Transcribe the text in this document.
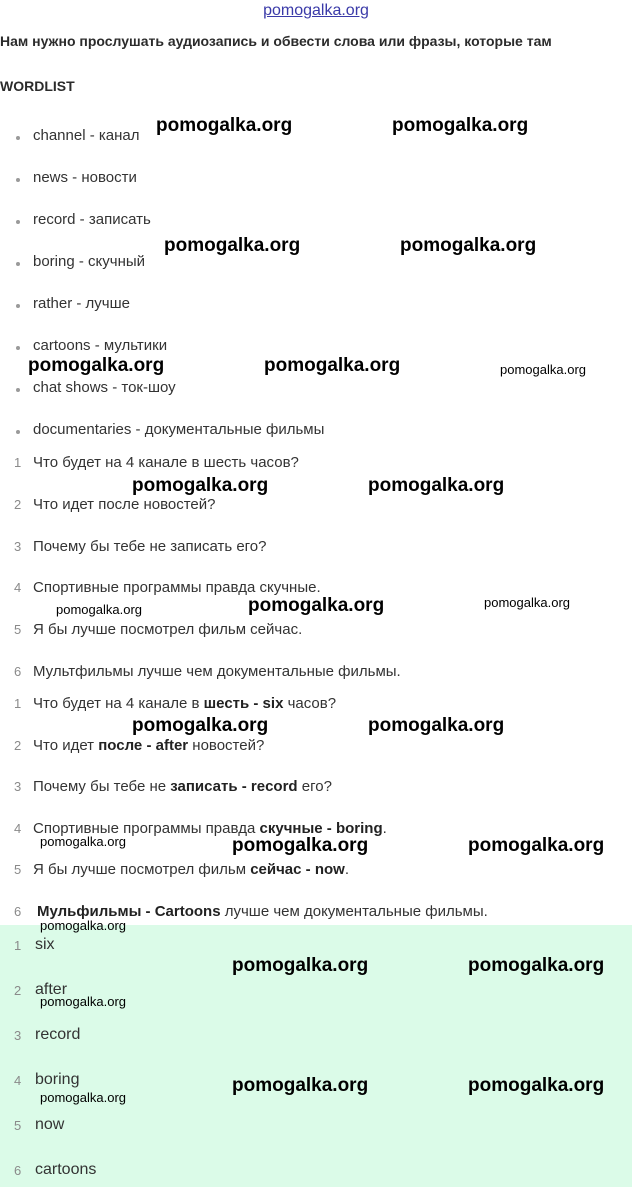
pomogalka.org
Нам нужно прослушать аудиозапись и обвести слова или фразы, которые там
WORDLIST
channel - канал
news - новости
record - записать
boring - скучный
rather - лучше
cartoons - мультики
chat shows - ток-шоу
documentaries - документальные фильмы
1 Что будет на 4 канале в шесть часов?
2 Что идет после новостей?
3 Почему бы тебе не записать его?
4 Спортивные программы правда скучные.
5 Я бы лучше посмотрел фильм сейчас.
6 Мультфильмы лучше чем документальные фильмы.
1 Что будет на 4 канале в шесть - six часов?
2 Что идет после - after новостей?
3 Почему бы тебе не записать - record его?
4 Спортивные программы правда скучные - boring.
5 Я бы лучше посмотрел фильм сейчас - now.
6 Мульфильмы - Cartoons лучше чем документальные фильмы.
1 six
2 after
3 record
4 boring
5 now
6 cartoons
pomogalka.org	pomogalka.org
pomogalka.org	pomogalka.org
pomogalka.org	pomogalka.org	pomogalka.org
pomogalka.org	pomogalka.org
pomogalka.org	pomogalka.org	pomogalka.org
pomogalka.org	pomogalka.org
pomogalka.org	pomogalka.org	pomogalka.org
pomogalka.org
pomogalka.org	pomogalka.org
pomogalka.org
pomogalka.org	pomogalka.org
pomogalka.org
